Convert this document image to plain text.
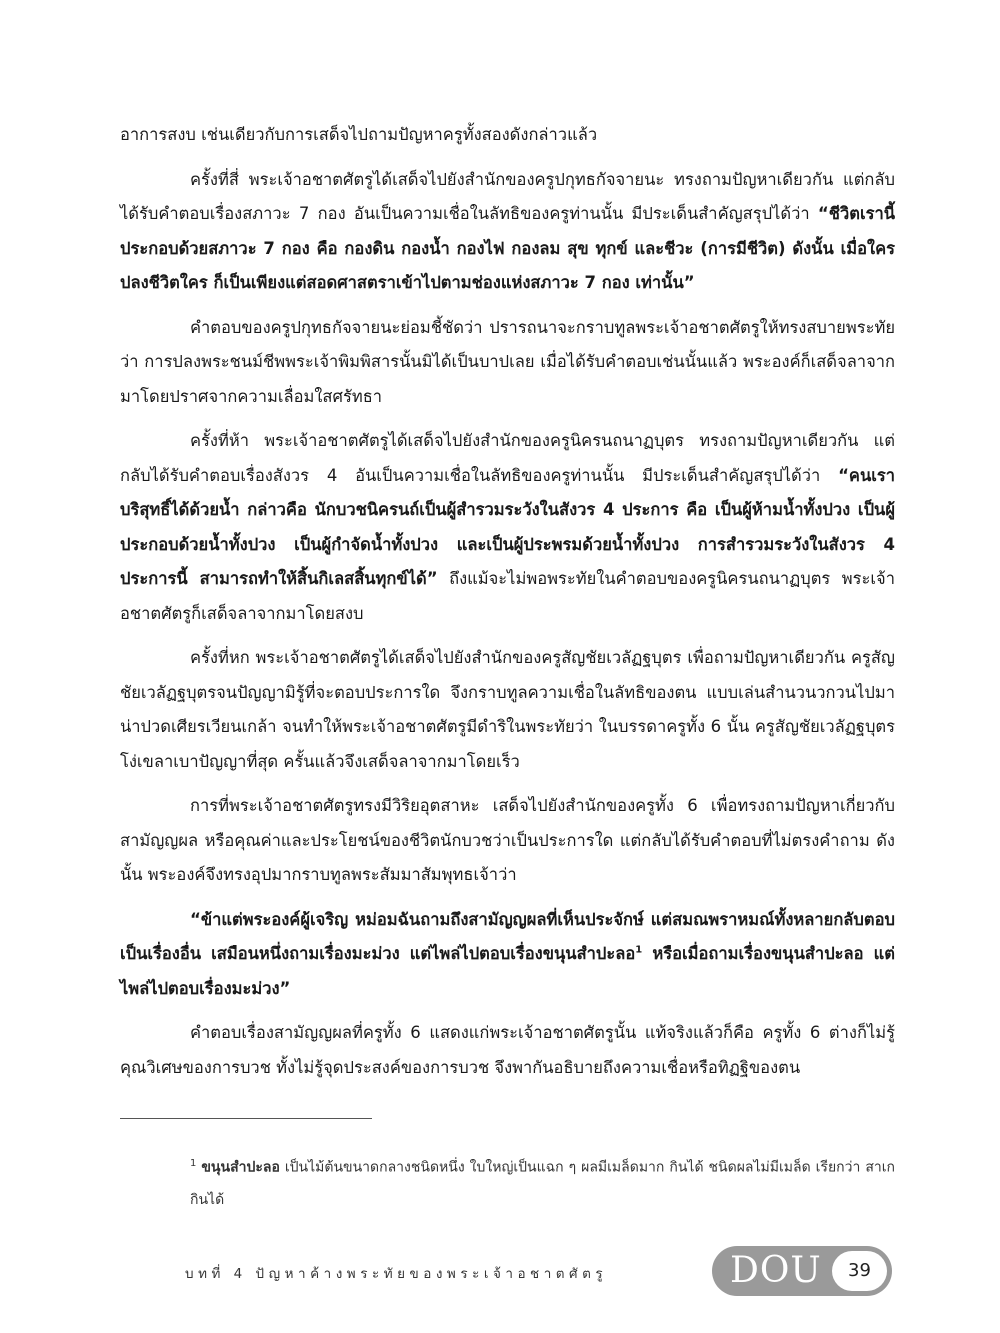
อาการสงบ เช่นเดียวกับการเสด็จไปถามปัญหาครูทั้งสองดังกล่าวแล้ว

ครั้งที่สี่ พระเจ้าอชาตศัตรูได้เสด็จไปยังสำนักของครูปกุทธกัจจายนะ ทรงถามปัญหาเดียวกัน แต่กลับได้รับคำตอบเรื่องสภาวะ 7 กอง อันเป็นความเชื่อในลัทธิของครูท่านนั้น มีประเด็นสำคัญสรุปได้ว่า “ชีวิตเรานี้ประกอบด้วยสภาวะ 7 กอง คือ กองดิน กองน้ำ กองไฟ กองลม สุข ทุกข์ และชีวะ (การมีชีวิต) ดังนั้น เมื่อใครปลงชีวิตใคร ก็เป็นเพียงแต่สอดศาสตราเข้าไปตามช่องแห่งสภาวะ 7 กอง เท่านั้น”

คำตอบของครูปกุทธกัจจายนะย่อมชี้ชัดว่า ปรารถนาจะกราบทูลพระเจ้าอชาตศัตรูให้ทรงสบายพระทัยว่า การปลงพระชนม์ชีพพระเจ้าพิมพิสารนั้นมิได้เป็นบาปเลย เมื่อได้รับคำตอบเช่นนั้นแล้ว พระองค์ก็เสด็จลาจากมาโดยปราศจากความเลื่อมใสศรัทธา

ครั้งที่ห้า พระเจ้าอชาตศัตรูได้เสด็จไปยังสำนักของครูนิครนถนาฏบุตร ทรงถามปัญหาเดียวกัน แต่กลับได้รับคำตอบเรื่องสังวร 4 อันเป็นความเชื่อในลัทธิของครูท่านนั้น มีประเด็นสำคัญสรุปได้ว่า “คนเราบริสุทธิ์ได้ด้วยน้ำ กล่าวคือ นักบวชนิครนถ์เป็นผู้สำรวมระวังในสังวร 4 ประการ คือ เป็นผู้ห้ามน้ำทั้งปวง เป็นผู้ประกอบด้วยน้ำทั้งปวง เป็นผู้กำจัดน้ำทั้งปวง และเป็นผู้ประพรมด้วยน้ำทั้งปวง การสำรวมระวังในสังวร 4 ประการนี้ สามารถทำให้สิ้นกิเลสสิ้นทุกข์ได้” ถึงแม้จะไม่พอพระทัยในคำตอบของครูนิครนถนาฏบุตร พระเจ้าอชาตศัตรูก็เสด็จลาจากมาโดยสงบ

ครั้งที่หก พระเจ้าอชาตศัตรูได้เสด็จไปยังสำนักของครูสัญชัยเวลัฏฐบุตร เพื่อถามปัญหาเดียวกัน ครูสัญชัยเวลัฏฐบุตรจนปัญญามิรู้ที่จะตอบประการใด จึงกราบทูลความเชื่อในลัทธิของตน แบบเล่นสำนวนวกวนไปมาน่าปวดเศียรเวียนเกล้า จนทำให้พระเจ้าอชาตศัตรูมีดำริในพระทัยว่า ในบรรดาครูทั้ง 6 นั้น ครูสัญชัยเวลัฏฐบุตรโง่เขลาเบาปัญญาที่สุด ครั้นแล้วจึงเสด็จลาจากมาโดยเร็ว

การที่พระเจ้าอชาตศัตรูทรงมีวิริยอุตสาหะ เสด็จไปยังสำนักของครูทั้ง 6 เพื่อทรงถามปัญหาเกี่ยวกับสามัญญผล หรือคุณค่าและประโยชน์ของชีวิตนักบวชว่าเป็นประการใด แต่กลับได้รับคำตอบที่ไม่ตรงคำถาม ดังนั้น พระองค์จึงทรงอุปมากราบทูลพระสัมมาสัมพุทธเจ้าว่า

“ข้าแต่พระองค์ผู้เจริญ หม่อมฉันถามถึงสามัญญผลที่เห็นประจักษ์ แต่สมณพราหมณ์ทั้งหลายกลับตอบเป็นเรื่องอื่น เสมือนหนึ่งถามเรื่องมะม่วง แต่ไพล่ไปตอบเรื่องขนุนสำปะลอ$^1$ หรือเมื่อถามเรื่องขนุนสำปะลอ แต่ไพล่ไปตอบเรื่องมะม่วง”

คำตอบเรื่องสามัญญผลที่ครูทั้ง 6 แสดงแก่พระเจ้าอชาตศัตรูนั้น แท้จริงแล้วก็คือ ครูทั้ง 6 ต่างก็ไม่รู้คุณวิเศษของการบวช ทั้งไม่รู้จุดประสงค์ของการบวช จึงพากันอธิบายถึงความเชื่อหรือทิฏฐิของตน

$^1$ ขนุนสำปะลอ เป็นไม้ต้นขนาดกลางชนิดหนึ่ง ใบใหญ่เป็นแฉก ๆ ผลมีเมล็ดมาก กินได้ ชนิดผลไม่มีเมล็ด เรียกว่า สาเก กินได้
บทที่ 4 ปัญหาค้างพระทัยของพระเจ้าอชาตศัตรู	DOU	39
